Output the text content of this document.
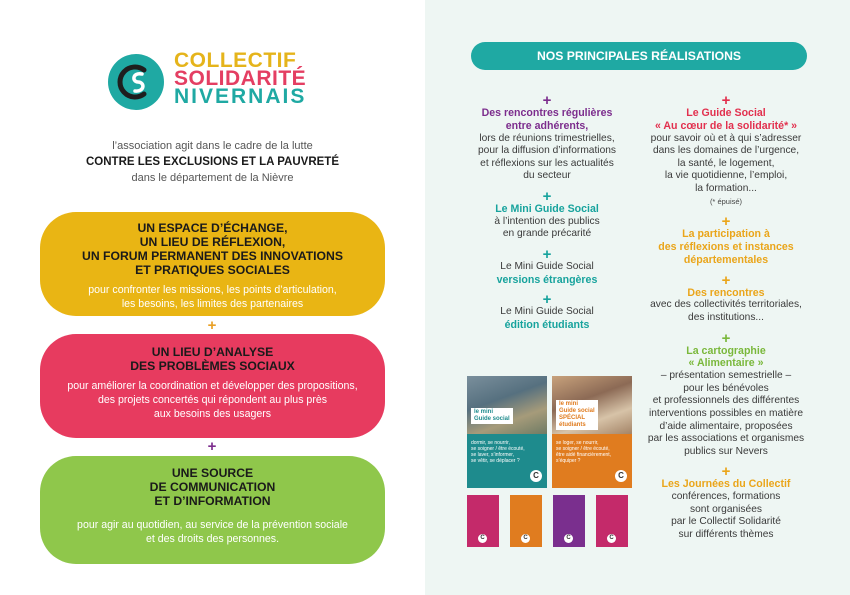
COLLECTIF
SOLIDARITÉ
NIVERNAIS
l’association agit dans le cadre de la lutte
CONTRE LES EXCLUSIONS ET LA PAUVRETÉ
dans le département de la Nièvre
UN ESPACE D’ÉCHANGE,
UN LIEU DE RÉFLEXION,
UN FORUM PERMANENT DES INNOVATIONS
ET PRATIQUES SOCIALES
pour confronter les missions, les points d’articulation,
les besoins, les limites des partenaires
+
UN LIEU D’ANALYSE
DES PROBLÈMES SOCIAUX
pour améliorer la coordination et développer des propositions,
des projets concertés qui répondent au plus près
aux besoins des usagers
+
UNE SOURCE
DE COMMUNICATION
ET D’INFORMATION
pour agir au quotidien, au service de la prévention sociale
et des droits des personnes.
NOS PRINCIPALES RÉALISATIONS
+
Des rencontres régulières
entre adhérents,
lors de réunions trimestrielles,
pour la diffusion d’informations
et réflexions sur les actualités
du secteur
+
Le Mini Guide Social
à l’intention des publics
en grande précarité
+
Le Mini Guide Social
versions étrangères
+
Le Mini Guide Social
édition étudiants
+
Le Guide Social
« Au cœur de la solidarité* »
pour savoir où et à qui s’adresser
dans les domaines de l’urgence,
la santé, le logement,
la vie quotidienne, l’emploi,
la formation...
(* épuisé)
+
La participation à
des réflexions et instances
départementales
+
Des rencontres
avec des collectivités territoriales,
des institutions...
+
La cartographie
« Alimentaire »
– présentation semestrielle –
pour les bénévoles
et professionnels des différentes
interventions possibles en matière
d’aide alimentaire, proposées
par les associations et organismes
publics sur Nevers
+
Les Journées du Collectif
conférences, formations
sont organisées
par le Collectif Solidarité
sur différents thèmes
le mini
Guide social
dormir, se nourrir,
se soigner / être écouté,
se laver, s’informer,
se vêtir, se déplacer ?
C
le mini
Guide social
SPÉCIAL
étudiants
se loger, se nourrir,
se soigner / être écouté,
être aidé financièrement,
s’équiper ?
C
C	C	C	C
